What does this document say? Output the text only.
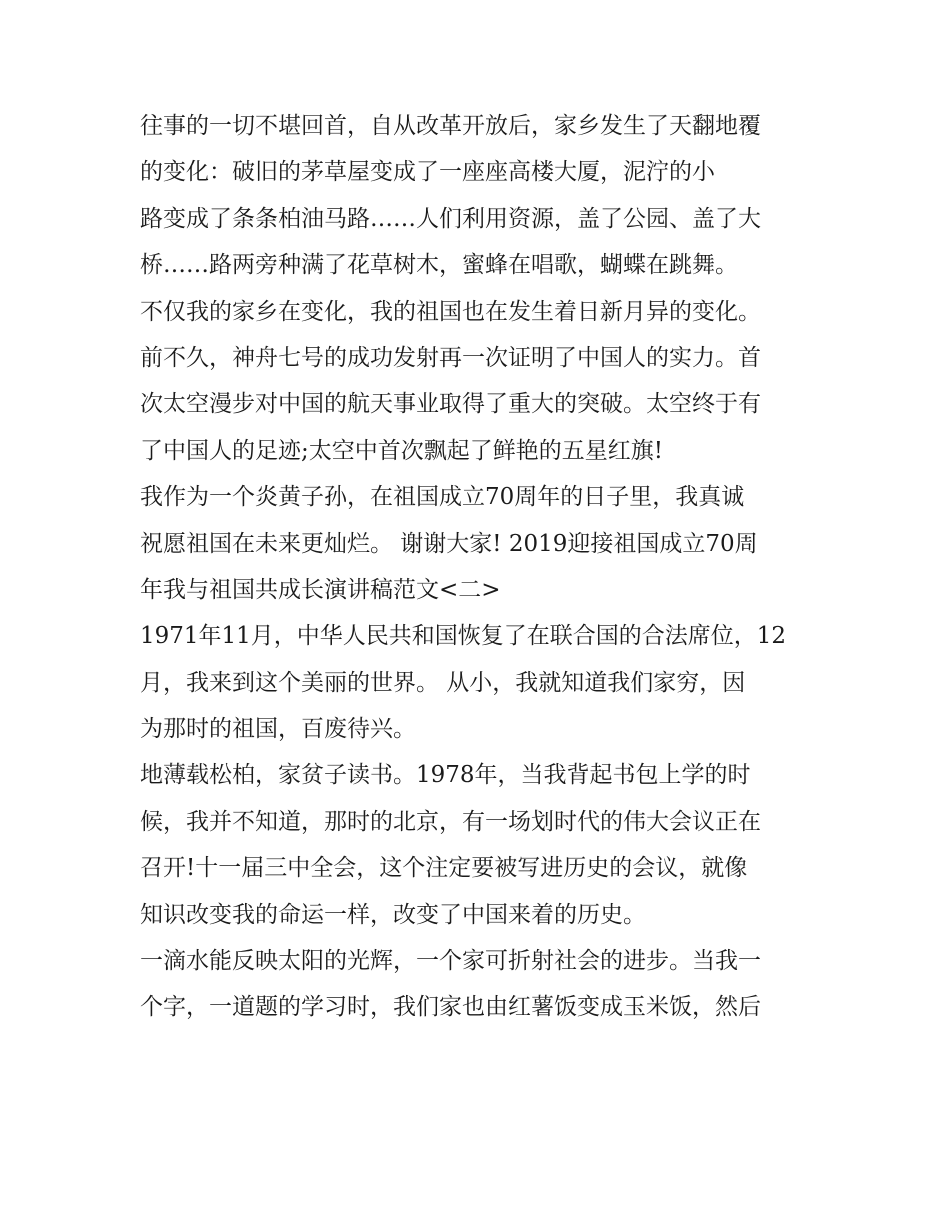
往事的一切不堪回首，自从改革开放后，家乡发生了天翻地覆
的变化：破旧的茅草屋变成了一座座高楼大厦，泥泞的小
路变成了条条柏油马路……人们利用资源，盖了公园、盖了大
桥……路两旁种满了花草树木，蜜蜂在唱歌，蝴蝶在跳舞。
不仅我的家乡在变化，我的祖国也在发生着日新月异的变化。
前不久，神舟七号的成功发射再一次证明了中国人的实力。首
次太空漫步对中国的航天事业取得了重大的突破。太空终于有
了中国人的足迹;太空中首次飘起了鲜艳的五星红旗!
我作为一个炎黄子孙，在祖国成立70周年的日子里，我真诚
祝愿祖国在未来更灿烂。 谢谢大家! 2019迎接祖国成立70周
年我与祖国共成长演讲稿范文<二>
1971年11月，中华人民共和国恢复了在联合国的合法席位，12
月，我来到这个美丽的世界。 从小，我就知道我们家穷，因
为那时的祖国，百废待兴。
地薄载松柏，家贫子读书。1978年，当我背起书包上学的时
候，我并不知道，那时的北京，有一场划时代的伟大会议正在
召开!十一届三中全会，这个注定要被写进历史的会议，就像
知识改变我的命运一样，改变了中国来着的历史。
一滴水能反映太阳的光辉，一个家可折射社会的进步。当我一
个字，一道题的学习时，我们家也由红薯饭变成玉米饭，然后
